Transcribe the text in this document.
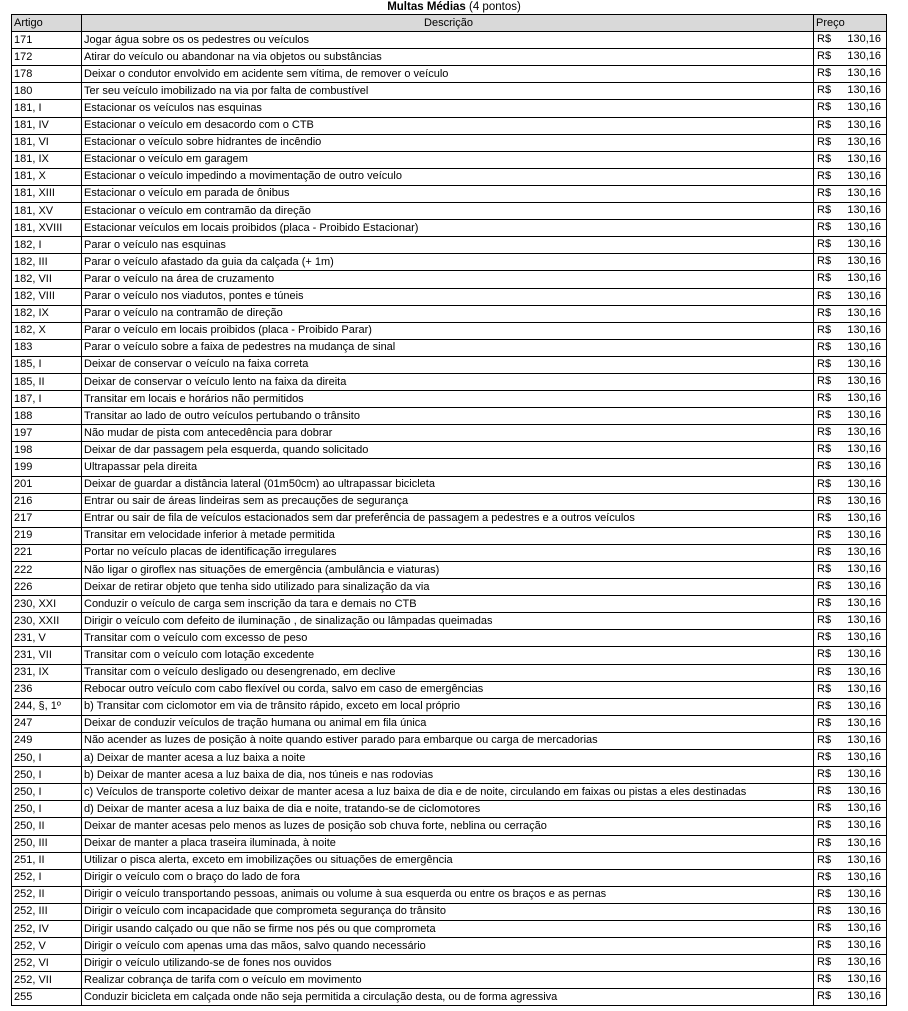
Multas Médias (4 pontos)
Artigo	Descrição	Preço
171	Jogar água sobre os os pedestres ou veículos	R$ 130,16

172	Atirar do veículo ou abandonar na via objetos ou substâncias	R$ 130,16

178	Deixar o condutor envolvido em acidente sem vítima, de remover o veículo	R$ 130,16

180	Ter seu veículo imobilizado na via por falta de combustível	R$ 130,16

181, I	Estacionar os veículos nas esquinas	R$ 130,16

181, IV	Estacionar o veículo em desacordo com o CTB	R$ 130,16

181, VI	Estacionar o veículo sobre hidrantes de incêndio	R$ 130,16

181, IX	Estacionar o veículo em garagem	R$ 130,16

181, X	Estacionar o veículo impedindo a movimentação de outro veículo	R$ 130,16

181, XIII	Estacionar o veículo em parada de ônibus	R$ 130,16

181, XV	Estacionar o veículo em contramão da direção	R$ 130,16

181, XVIII	Estacionar veículos em locais proibidos (placa - Proibido Estacionar)	R$ 130,16

182, I	Parar o veículo nas esquinas	R$ 130,16

182, III	Parar o veículo afastado da guia da calçada (+ 1m)	R$ 130,16

182, VII	Parar o veículo na área de cruzamento	R$ 130,16

182, VIII	Parar o veículo nos viadutos, pontes e túneis	R$ 130,16

182, IX	Parar o veículo na contramão de direção	R$ 130,16

182, X	Parar o veículo em locais proibidos (placa - Proibido Parar)	R$ 130,16

183	Parar o veículo sobre a faixa de pedestres na mudança de sinal	R$ 130,16

185, I	Deixar de conservar o veículo na faixa correta	R$ 130,16

185, II	Deixar de conservar o veículo lento na faixa da direita	R$ 130,16

187, I	Transitar em locais e horários não permitidos	R$ 130,16

188	Transitar ao lado de outro veículos pertubando o trânsito	R$ 130,16

197	Não mudar de pista com antecedência para dobrar	R$ 130,16

198	Deixar de dar passagem pela esquerda, quando solicitado	R$ 130,16

199	Ultrapassar pela direita	R$ 130,16

201	Deixar de guardar a distância lateral (01m50cm) ao ultrapassar bicicleta	R$ 130,16

216	Entrar ou sair de áreas lindeiras sem as precauções de segurança	R$ 130,16

217	Entrar ou sair de fila de veículos estacionados sem dar preferência de passagem a pedestres e a outros veículos	R$ 130,16

219	Transitar em velocidade inferior à metade permitida	R$ 130,16

221	Portar no veículo placas de identificação irregulares	R$ 130,16

222	Não ligar o giroflex nas situações de emergência (ambulância e viaturas)	R$ 130,16

226	Deixar de retirar objeto que tenha sido utilizado para sinalização da via	R$ 130,16

230, XXI	Conduzir o veículo de carga sem inscrição da tara e demais no CTB	R$ 130,16

230, XXII	Dirigir o veículo com defeito de iluminação , de sinalização ou lâmpadas queimadas	R$ 130,16

231, V	Transitar com o veículo com excesso de peso	R$ 130,16

231, VII	Transitar com o veículo com lotação excedente	R$ 130,16

231, IX	Transitar com o veículo desligado ou desengrenado, em declive	R$ 130,16

236	Rebocar outro veículo com cabo flexível ou corda, salvo em caso de emergências	R$ 130,16

244, §, 1º	b) Transitar com ciclomotor em via de trânsito rápido, exceto em local próprio	R$ 130,16

247	Deixar de conduzir veículos de tração humana ou animal em fila única	R$ 130,16

249	Não acender as luzes de posição à noite quando estiver parado para embarque ou carga de mercadorias	R$ 130,16

250, I	a) Deixar de manter acesa a luz baixa a noite	R$ 130,16

250, I	b) Deixar de manter acesa a luz baixa de dia, nos túneis e nas rodovias	R$ 130,16

250, I	c) Veículos de transporte coletivo deixar de manter acesa a luz baixa de dia e de noite, circulando em faixas ou pistas a eles destinadas	R$ 130,16

250, I	d) Deixar de manter acesa a luz baixa de dia e noite, tratando-se de ciclomotores	R$ 130,16

250, II	Deixar de manter acesas pelo menos as luzes de posição sob chuva forte, neblina ou cerração	R$ 130,16

250, III	Deixar de manter a placa traseira iluminada, à noite	R$ 130,16

251, II	Utilizar o pisca alerta, exceto em imobilizações ou situações de emergência	R$ 130,16

252, I	Dirigir o veículo com o braço do lado de fora	R$ 130,16

252, II	Dirigir o veículo transportando pessoas, animais ou volume à sua esquerda ou entre os braços e as pernas	R$ 130,16

252, III	Dirigir o veículo com incapacidade que comprometa segurança do trânsito	R$ 130,16

252, IV	Dirigir usando calçado ou que não se firme nos pés ou que comprometa	R$ 130,16

252, V	Dirigir o veículo com apenas uma das mãos, salvo quando necessário	R$ 130,16

252, VI	Dirigir o veículo utilizando-se de fones nos ouvidos	R$ 130,16

252, VII	Realizar cobrança de tarifa com o veículo em movimento	R$ 130,16

255	Conduzir bicicleta em calçada onde não seja permitida a circulação desta, ou de forma agressiva	R$ 130,16
